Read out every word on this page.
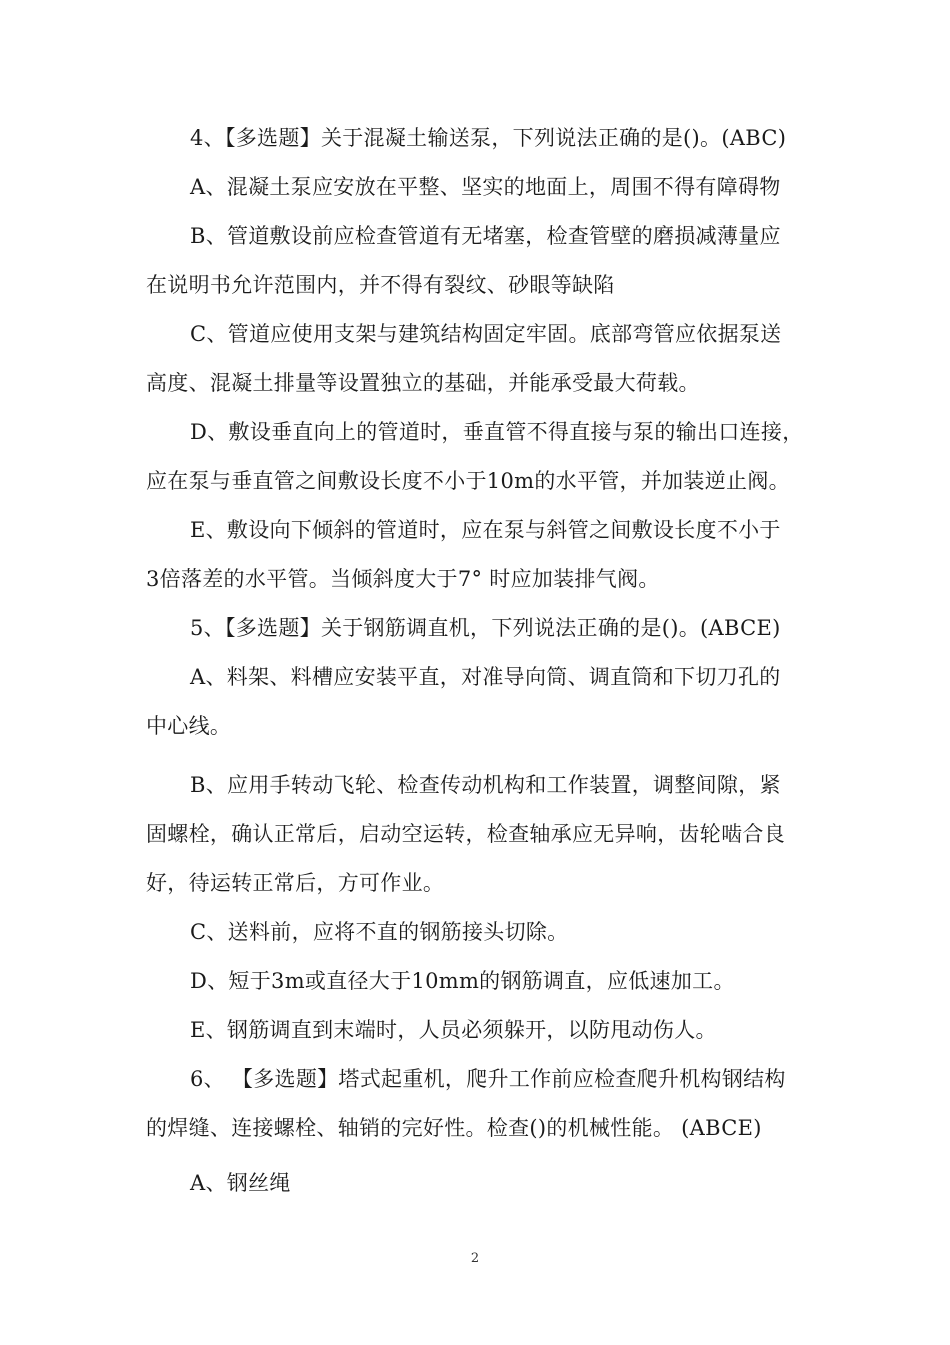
4、【多选题】关于混凝土输送泵，下列说法正确的是()。(ABC)
A、混凝土泵应安放在平整、坚实的地面上，周围不得有障碍物
B、管道敷设前应检查管道有无堵塞，检查管壁的磨损减薄量应
在说明书允许范围内，并不得有裂纹、砂眼等缺陷
C、管道应使用支架与建筑结构固定牢固。底部弯管应依据泵送
高度、混凝土排量等设置独立的基础，并能承受最大荷载。
D、敷设垂直向上的管道时，垂直管不得直接与泵的输出口连接，
应在泵与垂直管之间敷设长度不小于10m的水平管，并加装逆止阀。
E、敷设向下倾斜的管道时，应在泵与斜管之间敷设长度不小于
3倍落差的水平管。当倾斜度大于7° 时应加装排气阀。
5、【多选题】关于钢筋调直机，下列说法正确的是()。(ABCE)
A、料架、料槽应安装平直，对准导向筒、调直筒和下切刀孔的
中心线。
B、应用手转动飞轮、检查传动机构和工作装置，调整间隙，紧
固螺栓，确认正常后，启动空运转，检查轴承应无异响，齿轮啮合良
好，待运转正常后，方可作业。
C、送料前，应将不直的钢筋接头切除。
D、短于3m或直径大于10mm的钢筋调直，应低速加工。
E、钢筋调直到末端时，人员必须躲开，以防甩动伤人。
6、 【多选题】塔式起重机，爬升工作前应检查爬升机构钢结构
的焊缝、连接螺栓、轴销的完好性。检查()的机械性能。 (ABCE)
A、钢丝绳
2
